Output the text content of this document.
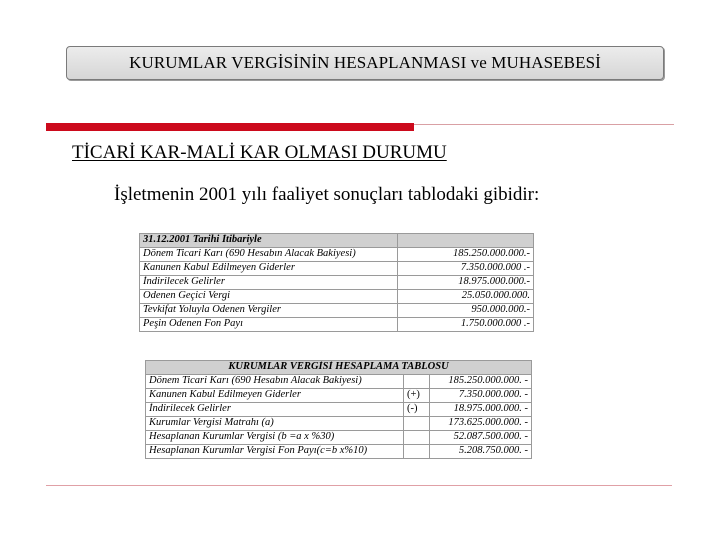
KURUMLAR VERGİSİNİN HESAPLANMASI ve MUHASEBESİ
TİCARİ KAR-MALİ KAR OLMASI DURUMU
İşletmenin 2001 yılı faaliyet sonuçları tablodaki gibidir:
31.12.2001 Tarihi İtibariyle	
Dönem Ticari Karı (690 Hesabın Alacak Bakiyesi)	185.250.000.000.-
Kanunen Kabul Edilmeyen Giderler	7.350.000.000 .-
İndirilecek Gelirler	18.975.000.000.-
Ödenen Geçici Vergi	25.050.000.000.
Tevkifat Yoluyla Ödenen Vergiler	950.000.000.-
Peşin Ödenen Fon Payı	1.750.000.000 .-
KURUMLAR VERGİSİ HESAPLAMA TABLOSU		
Dönem Ticari Karı (690 Hesabın Alacak Bakiyesi)		185.250.000.000. -
Kanunen Kabul Edilmeyen Giderler	(+)	7.350.000.000. -
İndirilecek Gelirler	(-)	18.975.000.000. -
Kurumlar Vergisi Matrahı (a)		173.625.000.000. -
Hesaplanan Kurumlar Vergisi (b =a x %30)		52.087.500.000. -
Hesaplanan Kurumlar Vergisi Fon Payı(c=b x%10)		5.208.750.000. -
